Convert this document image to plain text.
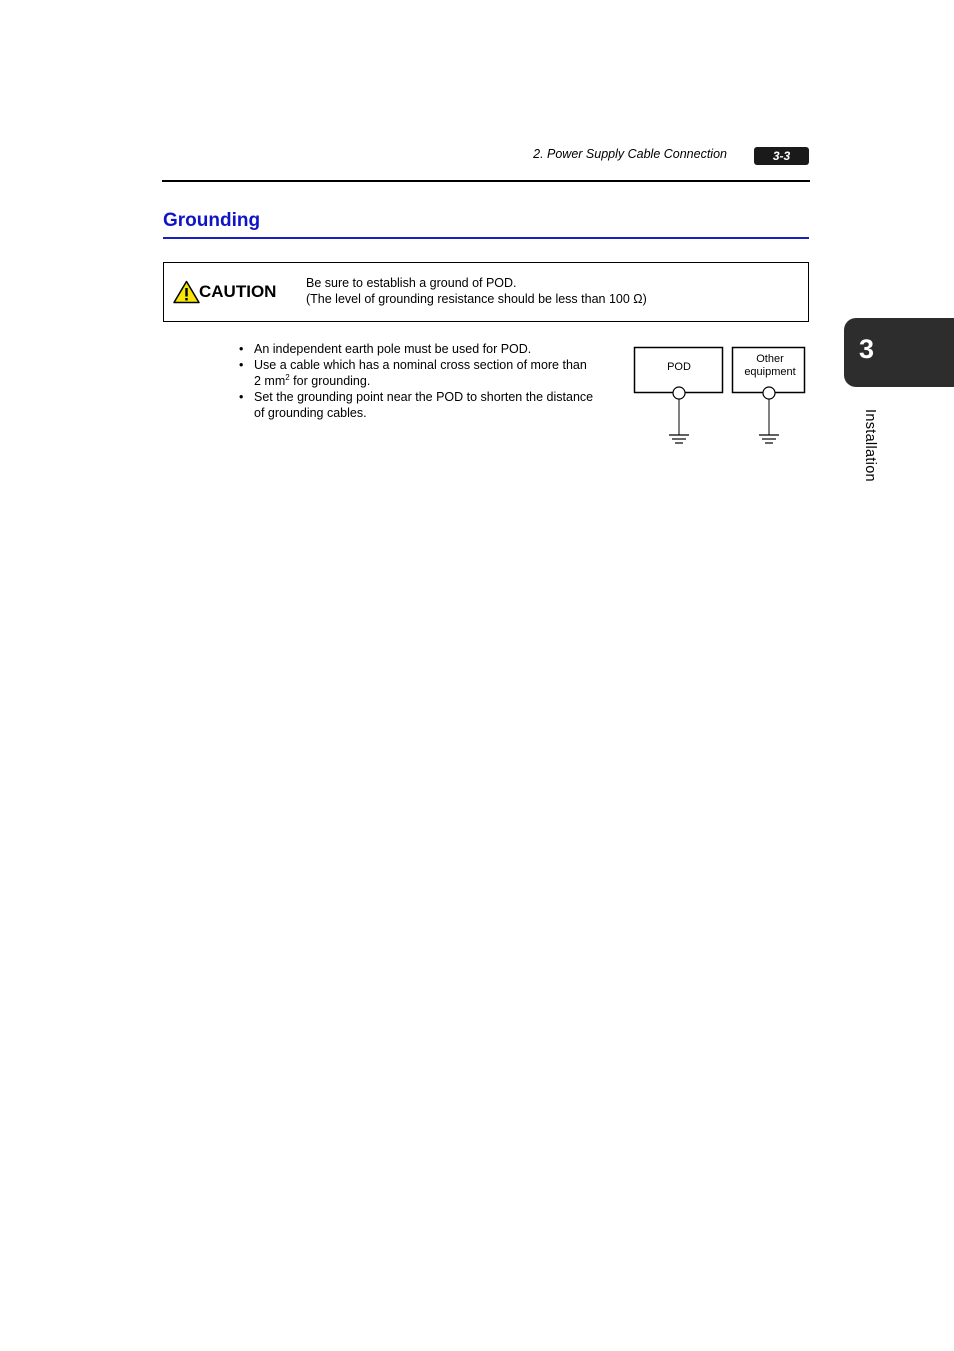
2. Power Supply Cable Connection	3-3
Grounding
CAUTION Be sure to establish a ground of POD.
(The level of grounding resistance should be less than 100 Ω)
• An independent earth pole must be used for POD.
• Use a cable which has a nominal cross section of more than
2 $mm^2$ for grounding.
• Set the grounding point near the POD to shorten the distance
of grounding cables.
POD
Other
equipment
3
Installation
